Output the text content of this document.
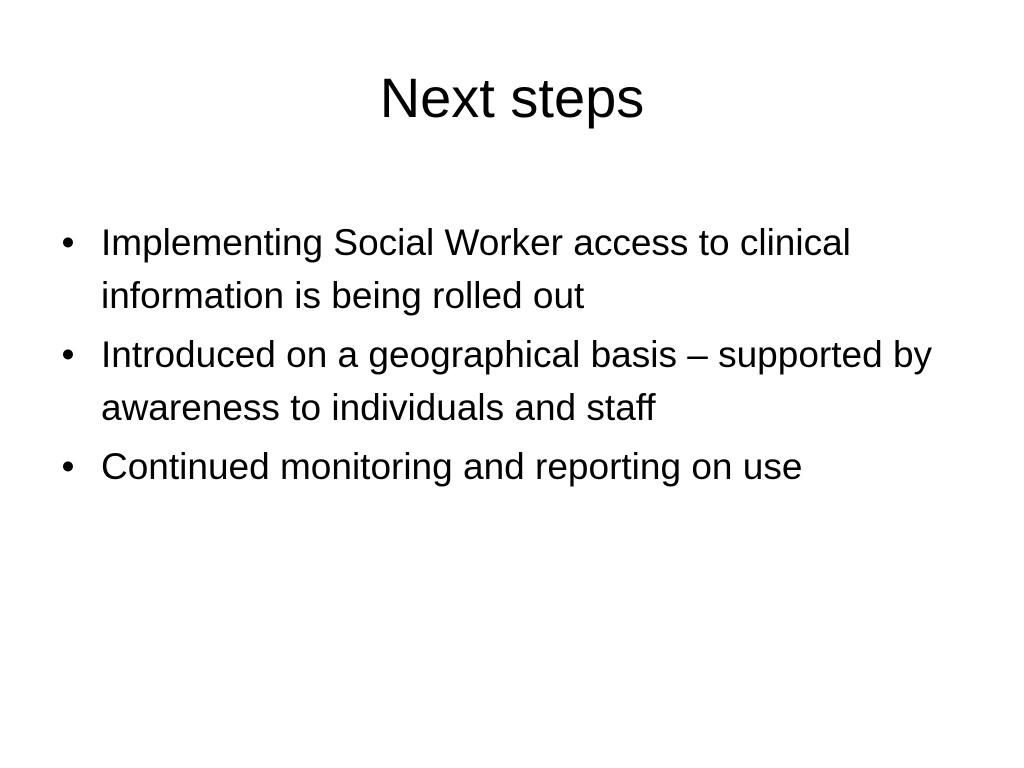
Next steps
• Implementing Social Worker access to clinical information is being rolled out
• Introduced on a geographical basis – supported by awareness to individuals and staff
• Continued monitoring and reporting on use
